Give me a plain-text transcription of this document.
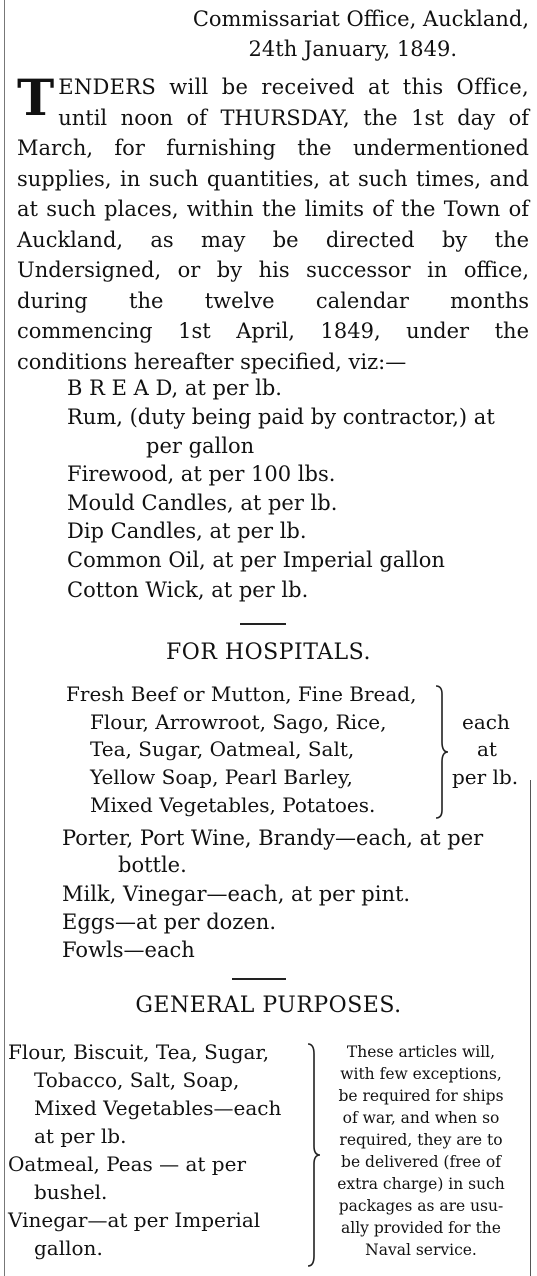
Commissariat Office, Auckland,
24th January, 1849.
TENDERS will be received at this Office, until noon of THURSDAY, the 1st day of March, for furnishing the undermentioned supplies, in such quantities, at such times, and at such places, within the limits of the Town of Auckland, as may be directed by the Undersigned, or by his successor in office, during the twelve calendar months commencing 1st April, 1849, under the conditions hereafter specified, viz:—
B R E A D, at per lb.
Rum, (duty being paid by contractor,) at
per gallon
Firewood, at per 100 lbs.
Mould Candles, at per lb.
Dip Candles, at per lb.
Common Oil, at per Imperial gallon
Cotton Wick, at per lb.
FOR HOSPITALS.
Fresh Beef or Mutton, Fine Bread,
Flour, Arrowroot, Sago, Rice,
Tea, Sugar, Oatmeal, Salt,
Yellow Soap, Pearl Barley,
Mixed Vegetables, Potatoes.
each
at
per lb.
Porter, Port Wine, Brandy—each, at per
bottle.
Milk, Vinegar—each, at per pint.
Eggs—at per dozen.
Fowls—each
GENERAL PURPOSES.
Flour, Biscuit, Tea, Sugar,
Tobacco, Salt, Soap,
Mixed Vegetables—each
at per lb.
Oatmeal, Peas — at per
bushel.
Vinegar—at per Imperial
gallon.
These articles will,
with few exceptions,
be required for ships
of war, and when so
required, they are to
be delivered (free of
extra charge) in such
packages as are usu-
ally provided for the
Naval service.
